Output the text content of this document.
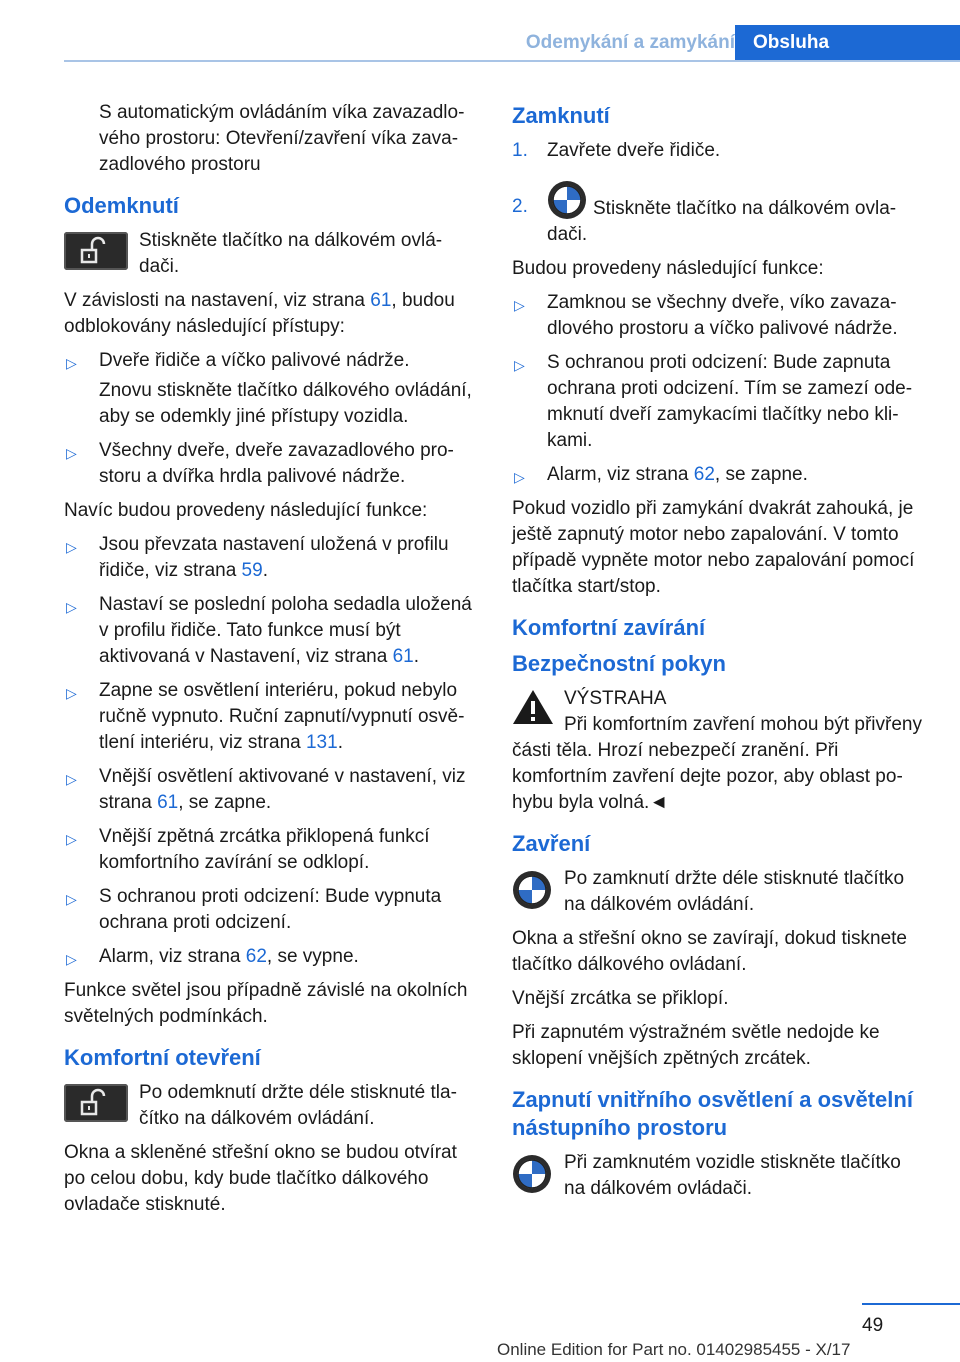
Odemykání a zamykání Obsluha

S automatickým ovládáním víka zavazadlového prostoru: Otevření/zavření víka zavazadlového prostoru

Odemknutí
Stiskněte tlačítko na dálkovém ovládači.

V závislosti na nastavení, viz strana 61, budou odblokovány následující přístupy:

▷ Dveře řidiče a víčko palivové nádrže.
Znovu stiskněte tlačítko dálkového ovládání, aby se odemkly jiné přístupy vozidla.
▷ Všechny dveře, dveře zavazadlového prostoru a dvířka hrdla palivové nádrže.

Navíc budou provedeny následující funkce:

▷ Jsou převzata nastavení uložená v profilu řidiče, viz strana 59.
▷ Nastaví se poslední poloha sedadla uložená v profilu řidiče. Tato funkce musí být aktivovaná v Nastavení, viz strana 61.
▷ Zapne se osvětlení interiéru, pokud nebylo ručně vypnuto. Ruční zapnutí/vypnutí osvětlení interiéru, viz strana 131.
▷ Vnější osvětlení aktivované v nastavení, viz strana 61, se zapne.
▷ Vnější zpětná zrcátka přiklopená funkcí komfortního zavírání se odklopí.
▷ S ochranou proti odcizení: Bude vypnuta ochrana proti odcizení.
▷ Alarm, viz strana 62, se vypne.

Funkce světel jsou případně závislé na okolních světelných podmínkách.

Komfortní otevření
Po odemknutí držte déle stisknuté tlačítko na dálkovém ovládání.

Okna a skleněné střešní okno se budou otvírat po celou dobu, kdy bude tlačítko dálkového ovladače stisknuté.

Zamknutí
1. Zavřete dveře řidiče.
2.	Stiskněte tlačítko na dálkovém ovladači.

Budou provedeny následující funkce:

▷ Zamknou se všechny dveře, víko zavazadlového prostoru a víčko palivové nádrže.
▷ S ochranou proti odcizení: Bude zapnuta ochrana proti odcizení. Tím se zamezí odemknutí dveří zamykacími tlačítky nebo klikami.
▷ Alarm, viz strana 62, se zapne.

Pokud vozidlo při zamykání dvakrát zahouká, je ještě zapnutý motor nebo zapalování. V tomto případě vypněte motor nebo zapalování pomocí tlačítka start/stop.

Komfortní zavírání
Bezpečnostní pokyn
VÝSTRAHA

Při komfortním zavření mohou být přivřeny části těla. Hrozí nebezpečí zranění. Při komfortním zavření dejte pozor, aby oblast pohybu byla volná.◄

Zavření
Po zamknutí držte déle stisknuté tlačítko na dálkovém ovládání.

Okna a střešní okno se zavírají, dokud tisknete tlačítko dálkového ovládaní.

Vnější zrcátka se přiklopí.

Při zapnutém výstražném světle nedojde ke sklopení vnějších zpětných zrcátek.

Zapnutí vnitřního osvětlení a osvětelní nástupního prostoru
Při zamknutém vozidle stiskněte tlačítko na dálkovém ovládači.
49
Online Edition for Part no. 01402985455 - X/17
